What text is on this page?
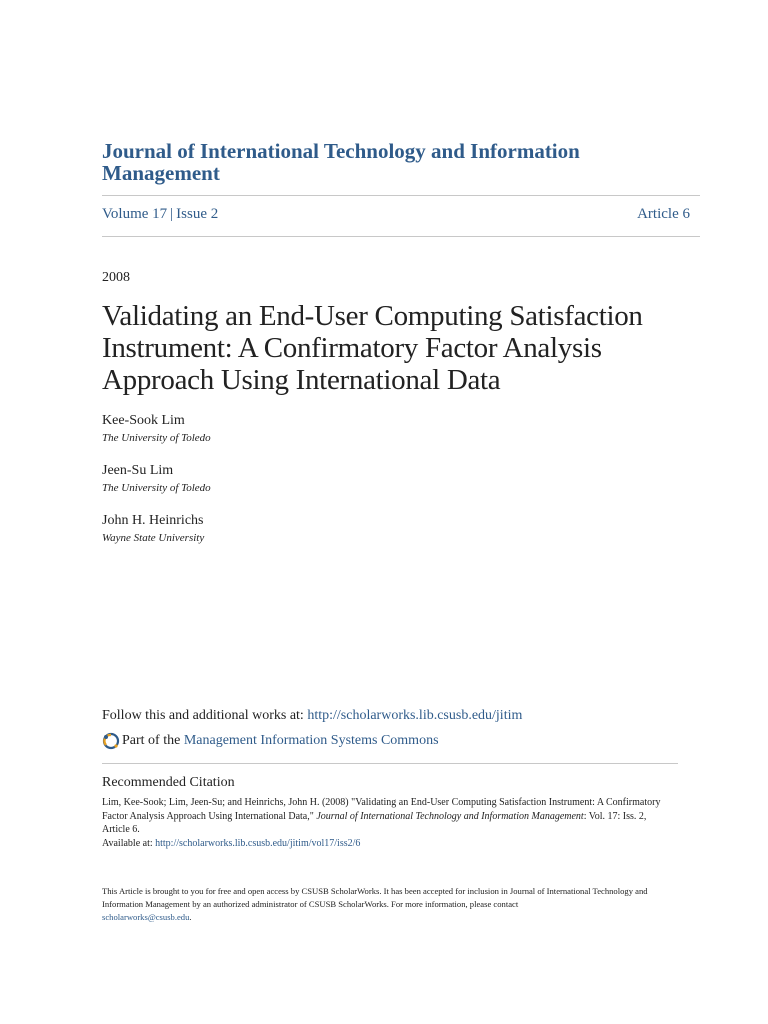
Journal of International Technology and Information Management
Volume 17 | Issue 2	Article 6
2008
Validating an End-User Computing Satisfaction Instrument: A Confirmatory Factor Analysis Approach Using International Data
Kee-Sook Lim
The University of Toledo
Jeen-Su Lim
The University of Toledo
John H. Heinrichs
Wayne State University
Follow this and additional works at: http://scholarworks.lib.csusb.edu/jitim
Part of the
Management Information Systems Commons
Recommended Citation
Lim, Kee-Sook; Lim, Jeen-Su; and Heinrichs, John H. (2008) "Validating an End-User Computing Satisfaction Instrument: A Confirmatory Factor Analysis Approach Using International Data," Journal of International Technology and Information Management: Vol. 17: Iss. 2, Article 6.
Available at: http://scholarworks.lib.csusb.edu/jitim/vol17/iss2/6
This Article is brought to you for free and open access by CSUSB ScholarWorks. It has been accepted for inclusion in Journal of International Technology and Information Management by an authorized administrator of CSUSB ScholarWorks. For more information, please contact
scholarworks@csusb.edu.
